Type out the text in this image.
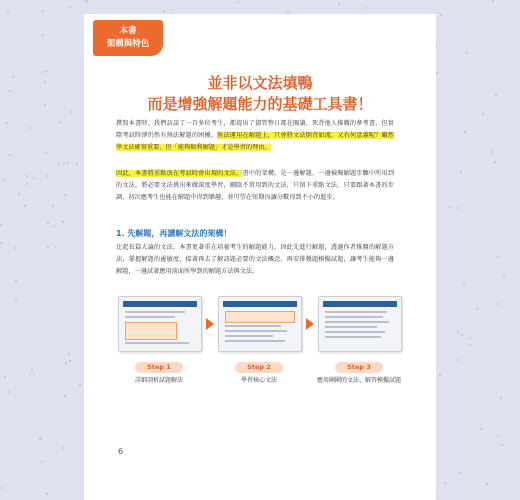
本書
架構與特色
並非以文法填鴨
而是增強解題能力的基礎工具書！
撰寫本書時，我們訪談了一百多位考生，都提出了儘管整日都在閱讀、死背他人推薦的參考書，但實際考試時卻仍然有無法解題的困擾。無法運用在解題上，只會將文法倒背如流，又有何意義呢？雖然學文法確實重要，但「能夠順利解題」才是學習的理由。
因此，本書將重點放在考試時會出現的文法，書中的架構，是一邊解題，一邊檢閱解題步驟中所用到的文法，將必要文法挑出來做深度學習，刪除不常用到的文法，只留下重點文法。只要跟著本書的步調，初次應考生也能在解題中得到樂趣，並可望在短期內讓分數得到不小的進步。
1. 先解題，再講解文法的架構！
比起長篇大論的文法，本書更著重在培養考生的解題能力。因此先進行解題，透過作者推薦的解題方法，掌握解題的靈敏度，接著再去了解該題必要的文法概念。再安排幾題模擬試題，讓考生能夠一邊解題，一邊試著應用前面所學到的解題方法與文法。
Step 1	Step 2	Step 3
詳細剖析試題解法	學習核心文法	應用剛剛的文法、解答模擬試題
6
